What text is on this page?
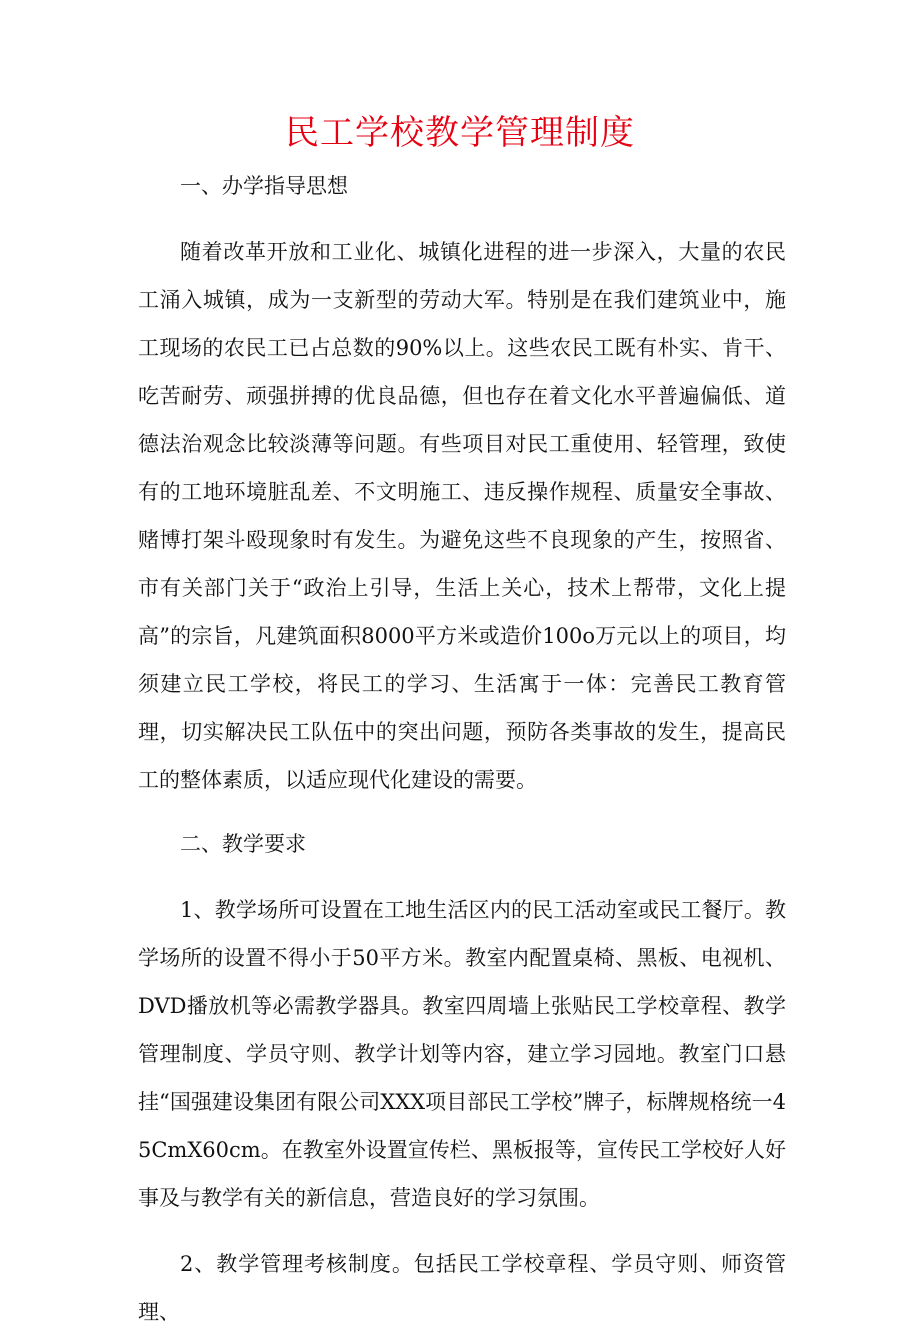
民工学校教学管理制度
一、办学指导思想

随着改革开放和工业化、城镇化进程的进一步深入，大量的农民工涌入城镇，成为一支新型的劳动大军。特别是在我们建筑业中，施工现场的农民工已占总数的90%以上。这些农民工既有朴实、肯干、吃苦耐劳、顽强拼搏的优良品德，但也存在着文化水平普遍偏低、道德法治观念比较淡薄等问题。有些项目对民工重使用、轻管理，致使有的工地环境脏乱差、不文明施工、违反操作规程、质量安全事故、赌博打架斗殴现象时有发生。为避免这些不良现象的产生，按照省、市有关部门关于“政治上引导，生活上关心，技术上帮带，文化上提高”的宗旨，凡建筑面积8000平方米或造价100o万元以上的项目，均须建立民工学校，将民工的学习、生活寓于一体：完善民工教育管理，切实解决民工队伍中的突出问题，预防各类事故的发生，提高民工的整体素质，以适应现代化建设的需要。

二、教学要求

1、教学场所可设置在工地生活区内的民工活动室或民工餐厅。教学场所的设置不得小于50平方米。教室内配置桌椅、黑板、电视机、DVD播放机等必需教学器具。教室四周墙上张贴民工学校章程、教学管理制度、学员守则、教学计划等内容，建立学习园地。教室门口悬挂“国强建设集团有限公司XXX项目部民工学校”牌子，标牌规格统一45CmX60cm。在教室外设置宣传栏、黑板报等，宣传民工学校好人好事及与教学有关的新信息，营造良好的学习氛围。

2、教学管理考核制度。包括民工学校章程、学员守则、师资管理、
